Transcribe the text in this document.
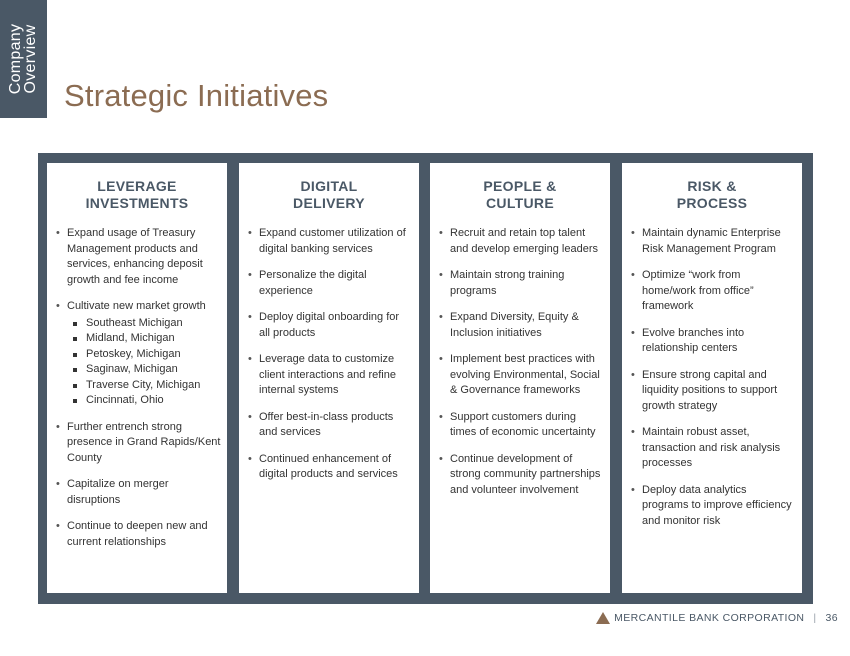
Company
Overview
Strategic Initiatives
LEVERAGE
INVESTMENTS
• Expand usage of Treasury Management products and services, enhancing deposit growth and fee income
• Cultivate new market growth
Southeast Michigan
Midland, Michigan
Petoskey, Michigan
Saginaw, Michigan
Traverse City, Michigan
Cincinnati, Ohio
• Further entrench strong presence in Grand Rapids/Kent County
• Capitalize on merger disruptions
• Continue to deepen new and current relationships
DIGITAL
DELIVERY
• Expand customer utilization of digital banking services
• Personalize the digital experience
• Deploy digital onboarding for all products
• Leverage data to customize client interactions and refine internal systems
• Offer best-in-class products and services
• Continued enhancement of digital products and services
PEOPLE &
CULTURE
• Recruit and retain top talent and develop emerging leaders
• Maintain strong training programs
• Expand Diversity, Equity & Inclusion initiatives
• Implement best practices with evolving Environmental, Social & Governance frameworks
• Support customers during times of economic uncertainty
• Continue development of strong community partnerships and volunteer involvement
RISK &
PROCESS
• Maintain dynamic Enterprise Risk Management Program
• Optimize “work from home/work from office” framework
• Evolve branches into relationship centers
• Ensure strong capital and liquidity positions to support growth strategy
• Maintain robust asset, transaction and risk analysis processes
• Deploy data analytics programs to improve efficiency and monitor risk
MERCANTILE BANK CORPORATION | 36
